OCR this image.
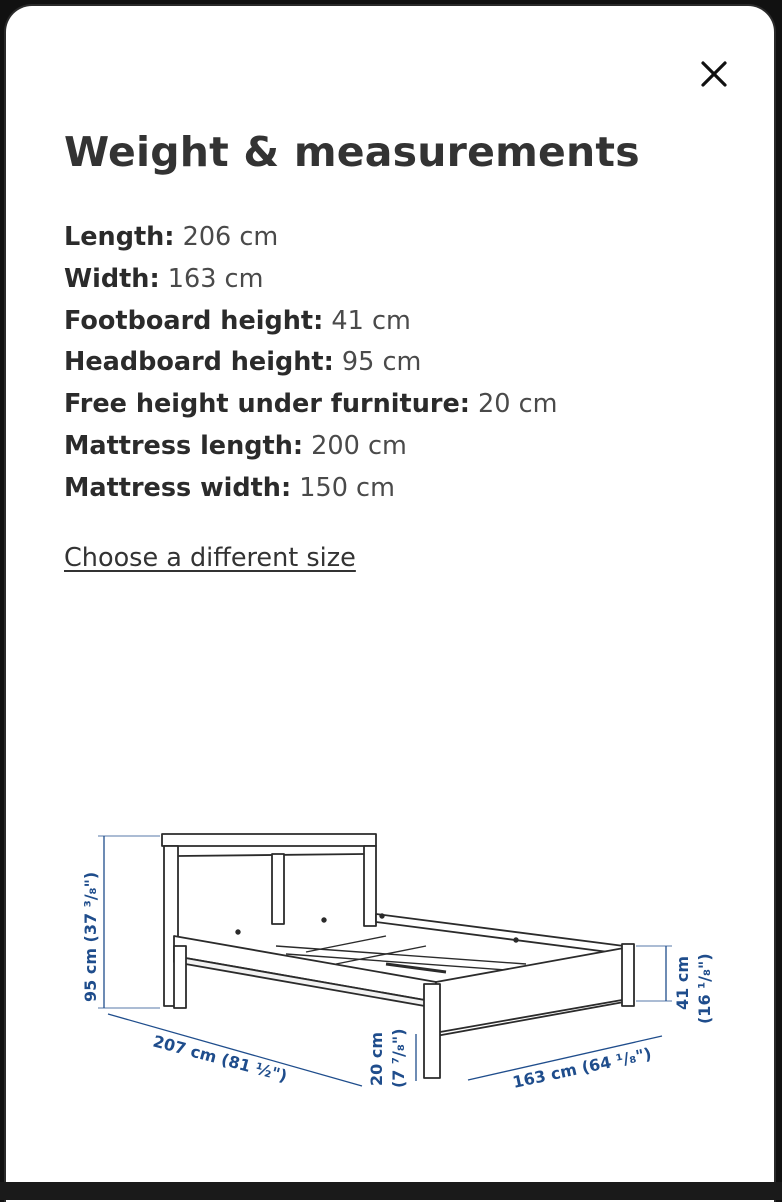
Weight & measurements
Length: 206 cm
Width: 163 cm
Footboard height: 41 cm
Headboard height: 95 cm
Free height under furniture: 20 cm
Mattress length: 200 cm
Mattress width: 150 cm
Choose a different size
95 cm (37 ³/₈")
207 cm (81 ½")	20 cm (7 ⁷/₈")	163 cm (64 ¹/₈")
41 cm (16 ¹/₈")
